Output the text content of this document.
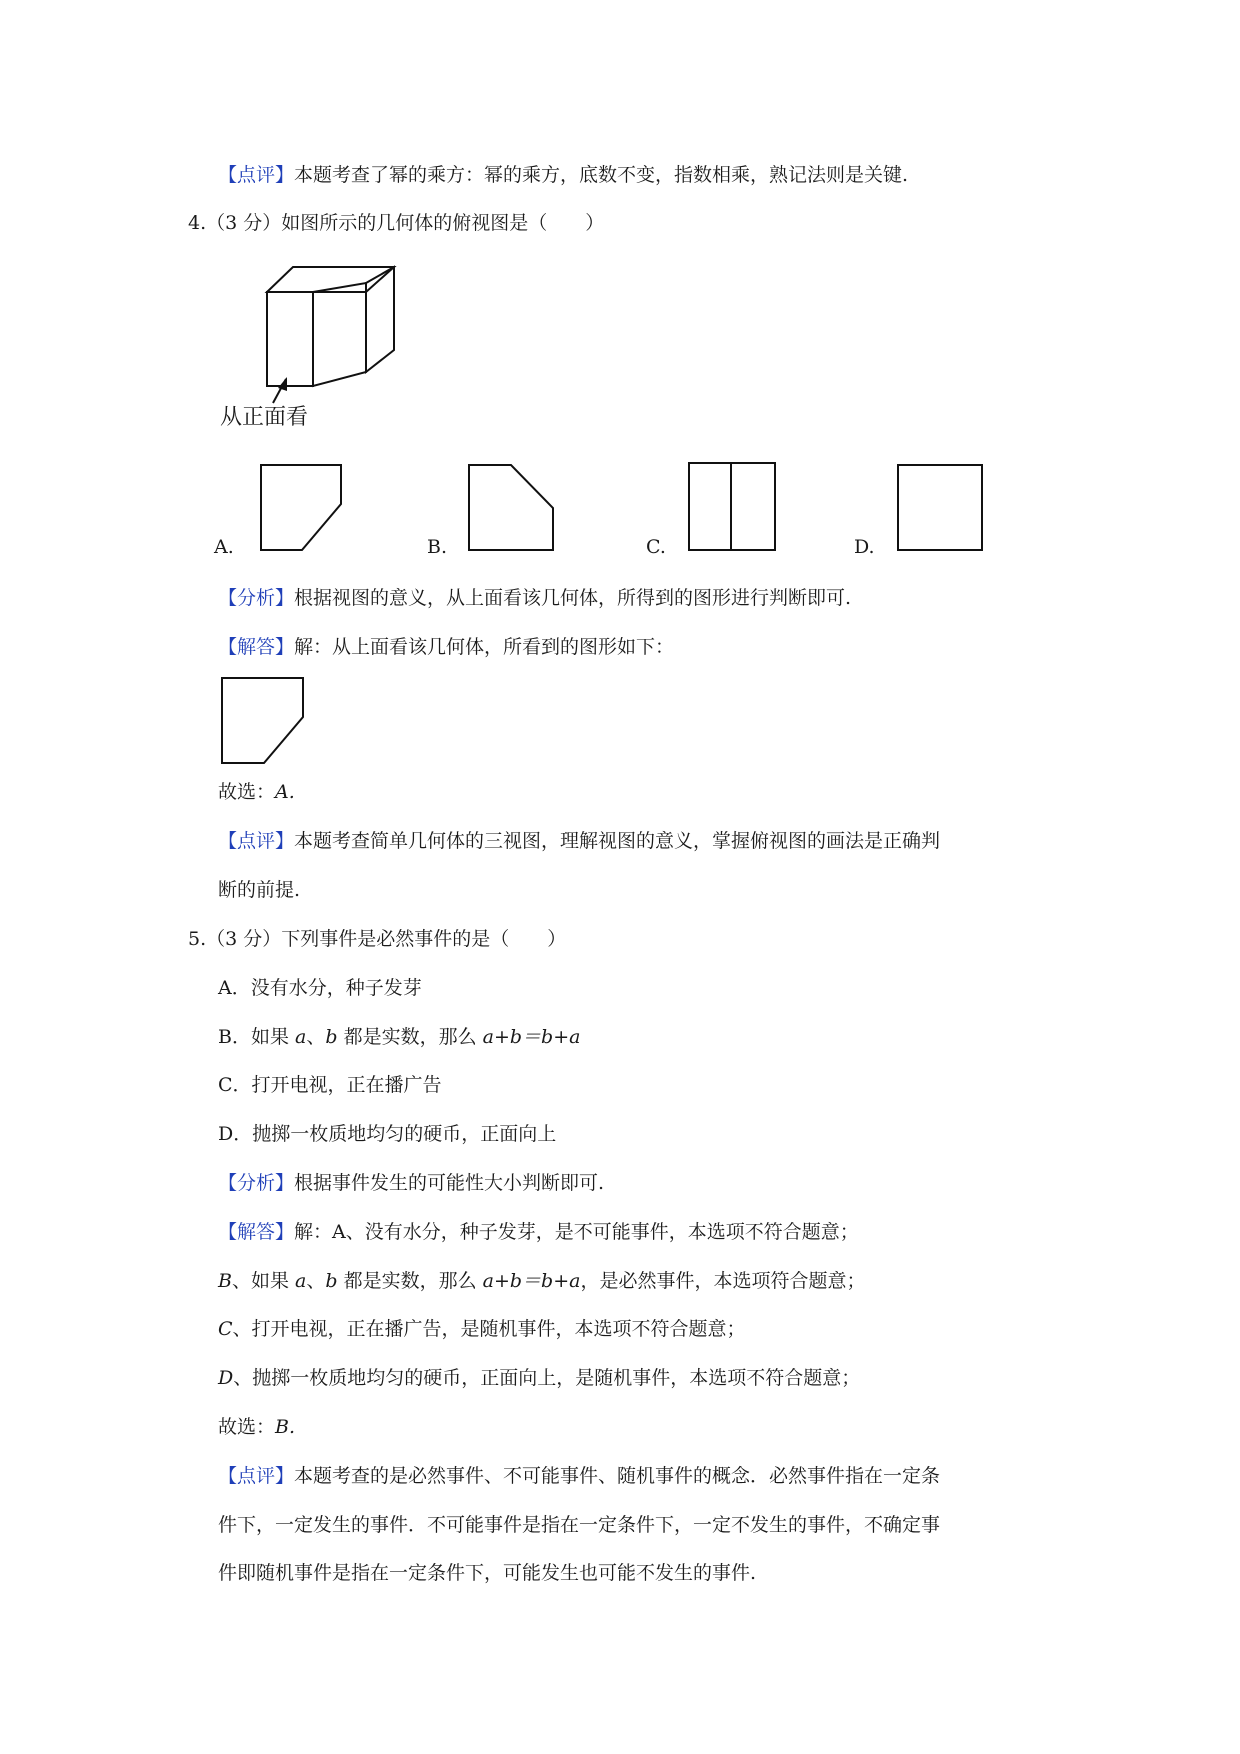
【点评】本题考查了幂的乘方：幂的乘方，底数不变，指数相乘，熟记法则是关键.
4.（3 分）如图所示的几何体的俯视图是（　　）
从正面看
A.	B.	C.	D.
【分析】根据视图的意义，从上面看该几何体，所得到的图形进行判断即可.
【解答】解：从上面看该几何体，所看到的图形如下：
故选：A.
【点评】本题考查简单几何体的三视图，理解视图的意义，掌握俯视图的画法是正确判
断的前提.
5.（3 分）下列事件是必然事件的是（　　）
A．没有水分，种子发芽
B．如果 a、b 都是实数，那么 a+b＝b+a
C．打开电视，正在播广告
D．抛掷一枚质地均匀的硬币，正面向上
【分析】根据事件发生的可能性大小判断即可.
【解答】解：A、没有水分，种子发芽，是不可能事件，本选项不符合题意；
B、如果 a、b 都是实数，那么 a+b＝b+a，是必然事件，本选项符合题意；
C、打开电视，正在播广告，是随机事件，本选项不符合题意；
D、抛掷一枚质地均匀的硬币，正面向上，是随机事件，本选项不符合题意；
故选：B.
【点评】本题考查的是必然事件、不可能事件、随机事件的概念．必然事件指在一定条
件下，一定发生的事件．不可能事件是指在一定条件下，一定不发生的事件，不确定事
件即随机事件是指在一定条件下，可能发生也可能不发生的事件.
